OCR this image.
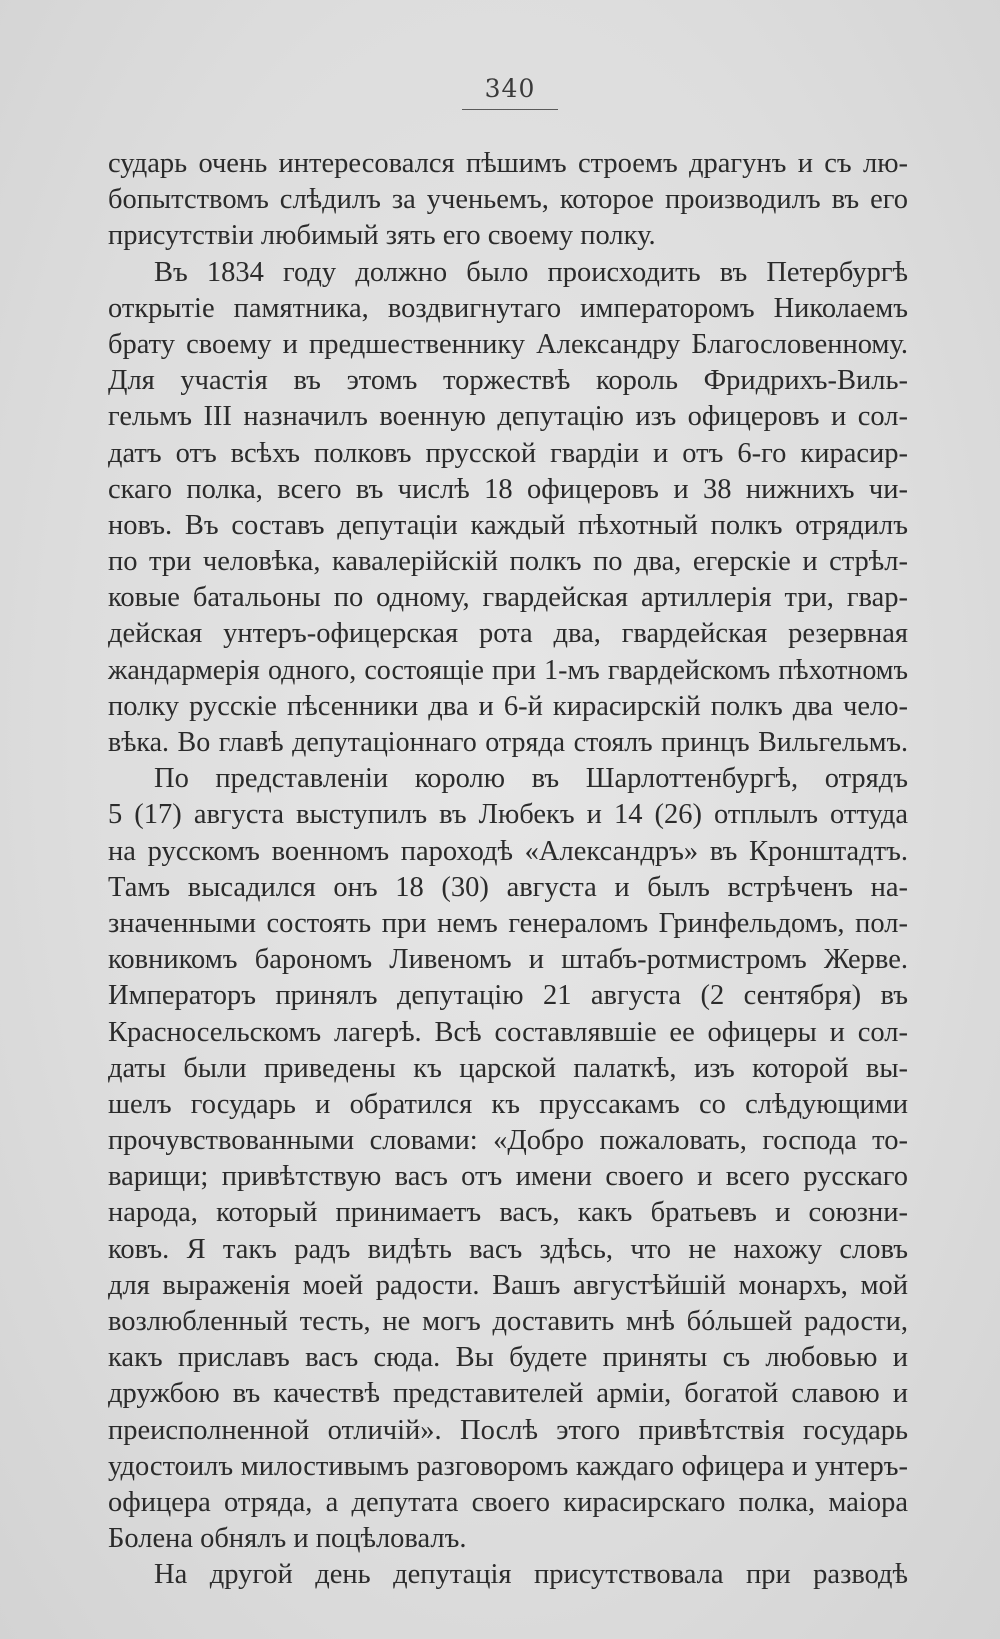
340
сударь очень интересовался пѣшимъ строемъ драгунъ и съ лю-
бопытствомъ слѣдилъ за ученьемъ, которое производилъ въ его
присутствіи любимый зять его своему полку.
Въ 1834 году должно было происходить въ Петербургѣ
открытіе памятника, воздвигнутаго императоромъ Николаемъ
брату своему и предшественнику Александру Благословенному.
Для участія въ этомъ торжествѣ король Фридрихъ-Виль-
гельмъ III назначилъ военную депутацію изъ офицеровъ и сол-
датъ отъ всѣхъ полковъ прусской гвардіи и отъ 6-го кирасир-
скаго полка, всего въ числѣ 18 офицеровъ и 38 нижнихъ чи-
новъ. Въ составъ депутаціи каждый пѣхотный полкъ отрядилъ
по три человѣка, кавалерійскій полкъ по два, егерскіе и стрѣл-
ковые батальоны по одному, гвардейская артиллерія три, гвар-
дейская унтеръ-офицерская рота два, гвардейская резервная
жандармерія одного, состоящіе при 1-мъ гвардейскомъ пѣхотномъ
полку русскіе пѣсенники два и 6-й кирасирскій полкъ два чело-
вѣка. Во главѣ депутаціоннаго отряда стоялъ принцъ Вильгельмъ.
По представленіи королю въ Шарлоттенбургѣ, отрядъ
5 (17) августа выступилъ въ Любекъ и 14 (26) отплылъ оттуда
на русскомъ военномъ пароходѣ «Александръ» въ Кронштадтъ.
Тамъ высадился онъ 18 (30) августа и былъ встрѣченъ на-
значенными состоять при немъ генераломъ Гринфельдомъ, пол-
ковникомъ барономъ Ливеномъ и штабъ-ротмистромъ Жерве.
Императоръ принялъ депутацію 21 августа (2 сентября) въ
Красносельскомъ лагерѣ. Всѣ составлявшіе ее офицеры и сол-
даты были приведены къ царской палаткѣ, изъ которой вы-
шелъ государь и обратился къ пруссакамъ со слѣдующими
прочувствованными словами: «Добро пожаловать, господа то-
варищи; привѣтствую васъ отъ имени своего и всего русскаго
народа, который принимаетъ васъ, какъ братьевъ и союзни-
ковъ. Я такъ радъ видѣть васъ здѣсь, что не нахожу словъ
для выраженія моей радости. Вашъ августѣйшій монархъ, мой
возлюбленный тесть, не могъ доставить мнѣ бóльшей радости,
какъ приславъ васъ сюда. Вы будете приняты съ любовью и
дружбою въ качествѣ представителей арміи, богатой славою и
преисполненной отличій». Послѣ этого привѣтствія государь
удостоилъ милостивымъ разговоромъ каждаго офицера и унтеръ-
офицера отряда, а депутата своего кирасирскаго полка, маіора
Болена обнялъ и поцѣловалъ.
На другой день депутація присутствовала при разводѣ
